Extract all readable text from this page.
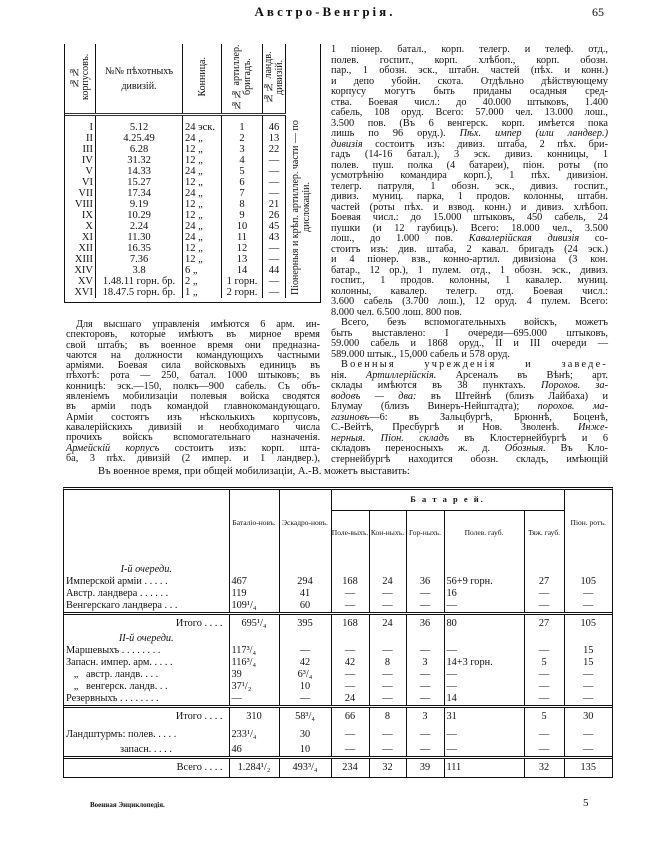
Австро-Венгрія.	65
№№ корпусовъ.	№№ пѣхотныхъ дивизій.	Конница.	№№ артиллер. бригадъ.	№№ ландв. дивизій.	
I	5.12	24 эск.	1	46	
II	4.25.49	24 „	2	13	
III	6.28	12 „	3	22	
IV	31.32	12 „	4	—	
V	14.33	24 „	5	—	
VI	15.27	12 „	6	—	
VII	17.34	24 „	7	—	
VIII	9.19	12 „	8	21	
IX	10.29	12 „	9	26	
X	2.24	24 „	10	45	
XI	11.30	24 „	11	43	
XII	16.35	12 „	12	—	
XIII	7.36	12 „	13	—	
XIV	3.8	6 „	14	44	
XV	1.48.11 горн. бр.	2 „	1 горн.	—	
XVI	18.47.5 горн. бр.	1 „	2 горн.	—	Піонерныя и крѣп. артиллер. части — по дислокаціи.
1 піонер. батал., корп. телегр. и телеф. отд.,
полев. госпит., корп. хлѣбоп., корп. обозн.
пар., 1 обозн. эск., штабн. частей (пѣх. и конн.)
и депо убойн. скота. Отдѣльно дѣйствующему
корпусу могутъ быть приданы осадныя сред-
ства. Боевая числ.: до 40.000 штыковъ, 1.400
сабель, 108 оруд. Всего: 57.000 чел. 13.000 лош.,
3.500 пов. (Въ 6 венгерск. корп. имѣется пока
лишь по 96 оруд.). Пѣх. импер (или ландвер.)
дивизія состоитъ изъ: дивиз. штаба, 2 пѣх. бри-
гадъ (14-16 батал.), 3 эск. дивиз. конницы, 1
полев. пуш. полка (4 батареи), піон. роты (по
усмотрѣнію командира корп.), 1 пѣх. дивизіон.
телегр. патруля, 1 обозн. эск., дивиз. госпит.,
дивиз. муниц. парка, 1 продов. колонны, штабн.
частей (роты пѣх. и взвод. конн.) и дивиз. хлѣбоп.
Боевая числ.: до 15.000 штыковъ, 450 сабель, 24
пушки (и 12 гаубицъ). Всего: 18.000 чел., 3.500
лош., до 1.000 пов. Кавалерійская дивизія со-
стоитъ изъ: див. штаба, 2 кавал. бригадъ (24 эск.)
и 4 піонер. взв., конно-артил. дивизіона (3 кон.
батар., 12 ор.), 1 пулем. отд., 1 обозн. эск., дивиз.
госпит., 1 продов. колонны, 1 кавалер. муниц.
колонны, кавалер. телегр. отд. Боевая числ.:
3.600 сабель (3.700 лош.), 12 оруд. 4 пулем. Всего:
8.000 чел. 6.500 лош. 800 пов.
Всего, безъ вспомогательныхъ войскъ, можетъ
быть выставлено: I очереди—695.000 штыковъ,
59.000 сабель и 1868 оруд., II и III очереди —
589.000 штык., 15,000 сабель и 578 оруд.
Военныя учрежденія и заведе-
нія. Артиллерійскія. Арсеналъ въ Вѣнѣ; арт.
склады имѣются въ 38 пунктахъ. Порохов. за-
водовъ — два: въ Штейнѣ (близъ Лайбаха) и
Блумау (близъ Винеръ-Нейштадта); порохов. ма-
газиновъ—6: въ Зальцбургѣ, Брюннѣ, Боценѣ,
С.-Вейтѣ, Пресбургѣ и Нов. Зволенѣ. Инже-
нерныя. Піон. складъ въ Клостернейбургѣ и 6
складовъ переносныхъ ж. д. Обозныя. Въ Кло-
стернейбургѣ находится обозн. складъ, имѣющій
Для высшаго управленія имѣются 6 арм. ин-
спекторовъ, которые имѣютъ въ мирное время
свой штабъ; въ военное время они предназна-
чаются на должности командующихъ частными
арміями. Боевая сила войсковыхъ единицъ въ
пѣхотѣ: рота — 250, батал. 1000 штыковъ; въ
конницѣ: эск.—150, полкъ—900 сабель. Съ объ-
явленіемъ мобилизаціи полевыя войска сводятся
въ арміи подъ командой главнокомандующаго.
Арміи состоятъ изъ нѣсколькихъ корпусовъ,
кавалерійскихъ дивизій и необходимаго числа
прочихъ войскъ вспомогательнаго назначенія.
Армейскій корпусъ состоитъ изъ: корп. шта-
ба, 3 пѣх. дивизій (2 импер. и 1 ландвер.),
Въ военное время, при общей мобилизаціи, А.-В. можетъ выставить:
	Баталіо-новъ.	Эскадро-новъ.	Б а т а р е й.					Піон. ротъ.
			Поле-выхъ.	Кон-ныхъ.	Гор-ныхъ.	Полев. гауб.	Тяж. гауб.	
I-й очереди.								
Имперской арміи . . . . .	467	294	168	24	36	56+9 горн.	27	105
Австр. ландвера . . . . . .	119	41	—	—	—	16	—	—
Венгерскаго ландвера . . .	109¹/₄	60	—	—	—	—	—	—
Итого . . . .	695¹/₄	395	168	24	36	80	27	105
II-й очереди.								
Маршевыхъ . . . . . . . .	117³/₄	—	—	—	—	—	—	15
Запасн. импер. арм. . . . .	116³/₄	42	42	8	3	14+3 горн.	5	15
„   австр. ландв. . . .	39	6³/₄	—	—	—	—	—	—
„   венгерск. ландв. . .	37¹/₂	10	—	—	—	—	—	—
Резервныхъ . . . . . . . .	—	—	24	—	—	14	—	—
Итого . . . .	310	58³/₄	66	8	3	31	5	30
Ландштурмъ: полев. . . . .	233¹/₄	30	—	—	—	—	—	—
запасн. . . . .	46	10	—	—	—	—	—	—
Всего . . . .	1.284¹/₂	493³/₄	234	32	39	111	32	135
Военная Энциклопедія.	5
